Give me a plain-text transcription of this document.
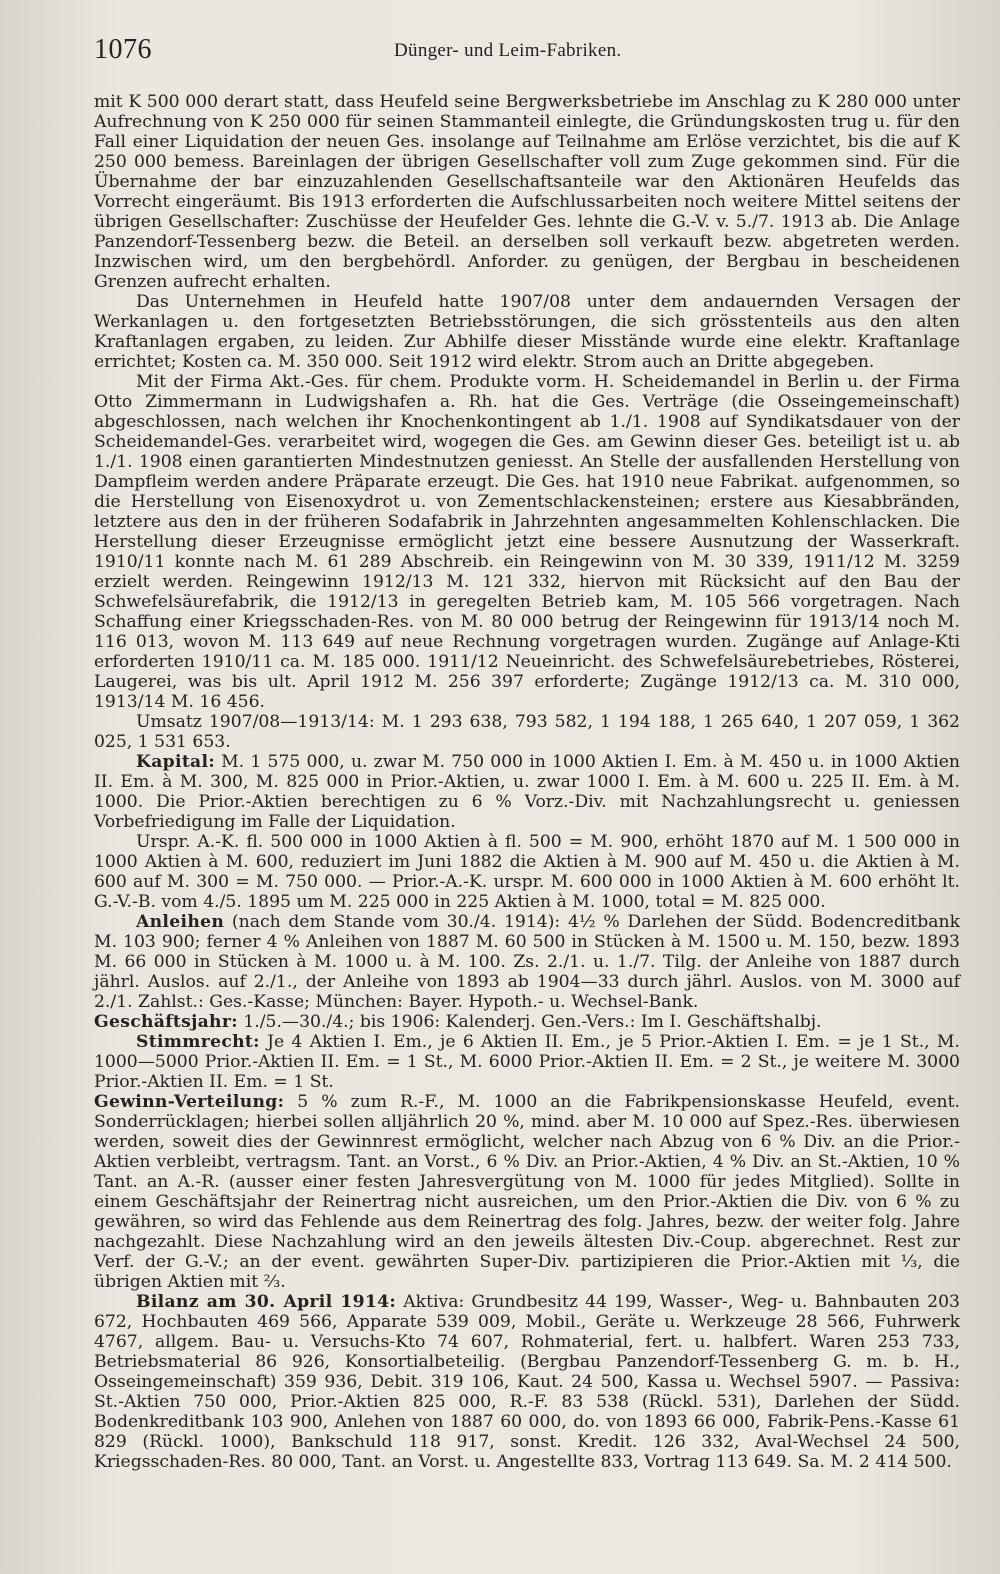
1076	Dünger- und Leim-Fabriken.

mit K 500 000 derart statt, dass Heufeld seine Bergwerksbetriebe im Anschlag zu K 280 000 unter Aufrechnung von K 250 000 für seinen Stammanteil einlegte, die Gründungskosten trug u. für den Fall einer Liquidation der neuen Ges. insolange auf Teilnahme am Erlöse verzichtet, bis die auf K 250 000 bemess. Bareinlagen der übrigen Gesellschafter voll zum Zuge gekommen sind. Für die Übernahme der bar einzuzahlenden Gesellschaftsanteile war den Aktionären Heufelds das Vorrecht eingeräumt. Bis 1913 erforderten die Aufschlussarbeiten noch weitere Mittel seitens der übrigen Gesellschafter: Zuschüsse der Heufelder Ges. lehnte die G.-V. v. 5./7. 1913 ab. Die Anlage Panzendorf-Tessenberg bezw. die Beteil. an derselben soll verkauft bezw. abgetreten werden. Inzwischen wird, um den bergbehördl. Anforder. zu genügen, der Bergbau in bescheidenen Grenzen aufrecht erhalten.

Das Unternehmen in Heufeld hatte 1907/08 unter dem andauernden Versagen der Werkanlagen u. den fortgesetzten Betriebsstörungen, die sich grösstenteils aus den alten Kraftanlagen ergaben, zu leiden. Zur Abhilfe dieser Misstände wurde eine elektr. Kraftanlage errichtet; Kosten ca. M. 350 000. Seit 1912 wird elektr. Strom auch an Dritte abgegeben.

Mit der Firma Akt.-Ges. für chem. Produkte vorm. H. Scheidemandel in Berlin u. der Firma Otto Zimmermann in Ludwigshafen a. Rh. hat die Ges. Verträge (die Osseingemeinschaft) abgeschlossen, nach welchen ihr Knochenkontingent ab 1./1. 1908 auf Syndikatsdauer von der Scheidemandel-Ges. verarbeitet wird, wogegen die Ges. am Gewinn dieser Ges. beteiligt ist u. ab 1./1. 1908 einen garantierten Mindestnutzen geniesst. An Stelle der ausfallenden Herstellung von Dampfleim werden andere Präparate erzeugt. Die Ges. hat 1910 neue Fabrikat. aufgenommen, so die Herstellung von Eisenoxydrot u. von Zementschlackensteinen; erstere aus Kiesabbränden, letztere aus den in der früheren Sodafabrik in Jahrzehnten angesammelten Kohlenschlacken. Die Herstellung dieser Erzeugnisse ermöglicht jetzt eine bessere Ausnutzung der Wasserkraft. 1910/11 konnte nach M. 61 289 Abschreib. ein Reingewinn von M. 30 339, 1911/12 M. 3259 erzielt werden. Reingewinn 1912/13 M. 121 332, hiervon mit Rücksicht auf den Bau der Schwefelsäurefabrik, die 1912/13 in geregelten Betrieb kam, M. 105 566 vorgetragen. Nach Schaffung einer Kriegsschaden-Res. von M. 80 000 betrug der Reingewinn für 1913/14 noch M. 116 013, wovon M. 113 649 auf neue Rechnung vorgetragen wurden. Zugänge auf Anlage-Kti erforderten 1910/11 ca. M. 185 000. 1911/12 Neueinricht. des Schwefelsäurebetriebes, Rösterei, Laugerei, was bis ult. April 1912 M. 256 397 erforderte; Zugänge 1912/13 ca. M. 310 000, 1913/14 M. 16 456.

Umsatz 1907/08—1913/14: M. 1 293 638, 793 582, 1 194 188, 1 265 640, 1 207 059, 1 362 025, 1 531 653.

Kapital: M. 1 575 000, u. zwar M. 750 000 in 1000 Aktien I. Em. à M. 450 u. in 1000 Aktien II. Em. à M. 300, M. 825 000 in Prior.-Aktien, u. zwar 1000 I. Em. à M. 600 u. 225 II. Em. à M. 1000. Die Prior.-Aktien berechtigen zu 6 % Vorz.-Div. mit Nachzahlungsrecht u. geniessen Vorbefriedigung im Falle der Liquidation.

Urspr. A.-K. fl. 500 000 in 1000 Aktien à fl. 500 = M. 900, erhöht 1870 auf M. 1 500 000 in 1000 Aktien à M. 600, reduziert im Juni 1882 die Aktien à M. 900 auf M. 450 u. die Aktien à M. 600 auf M. 300 = M. 750 000. — Prior.-A.-K. urspr. M. 600 000 in 1000 Aktien à M. 600 erhöht lt. G.-V.-B. vom 4./5. 1895 um M. 225 000 in 225 Aktien à M. 1000, total = M. 825 000.

Anleihen (nach dem Stande vom 30./4. 1914): 4½ % Darlehen der Südd. Bodencreditbank M. 103 900; ferner 4 % Anleihen von 1887 M. 60 500 in Stücken à M. 1500 u. M. 150, bezw. 1893 M. 66 000 in Stücken à M. 1000 u. à M. 100. Zs. 2./1. u. 1./7. Tilg. der Anleihe von 1887 durch jährl. Auslos. auf 2./1., der Anleihe von 1893 ab 1904—33 durch jährl. Auslos. von M. 3000 auf 2./1. Zahlst.: Ges.-Kasse; München: Bayer. Hypoth.- u. Wechsel-Bank.

Geschäftsjahr: 1./5.—30./4.; bis 1906: Kalenderj. Gen.-Vers.: Im I. Geschäftshalbj.

Stimmrecht: Je 4 Aktien I. Em., je 6 Aktien II. Em., je 5 Prior.-Aktien I. Em. = je 1 St., M. 1000—5000 Prior.-Aktien II. Em. = 1 St., M. 6000 Prior.-Aktien II. Em. = 2 St., je weitere M. 3000 Prior.-Aktien II. Em. = 1 St.

Gewinn-Verteilung: 5 % zum R.-F., M. 1000 an die Fabrikpensionskasse Heufeld, event. Sonderrücklagen; hierbei sollen alljährlich 20 %, mind. aber M. 10 000 auf Spez.-Res. überwiesen werden, soweit dies der Gewinnrest ermöglicht, welcher nach Abzug von 6 % Div. an die Prior.-Aktien verbleibt, vertragsm. Tant. an Vorst., 6 % Div. an Prior.-Aktien, 4 % Div. an St.-Aktien, 10 % Tant. an A.-R. (ausser einer festen Jahresvergütung von M. 1000 für jedes Mitglied). Sollte in einem Geschäftsjahr der Reinertrag nicht ausreichen, um den Prior.-Aktien die Div. von 6 % zu gewähren, so wird das Fehlende aus dem Reinertrag des folg. Jahres, bezw. der weiter folg. Jahre nachgezahlt. Diese Nachzahlung wird an den jeweils ältesten Div.-Coup. abgerechnet. Rest zur Verf. der G.-V.; an der event. gewährten Super-Div. partizipieren die Prior.-Aktien mit ⅓, die übrigen Aktien mit ⅔.

Bilanz am 30. April 1914: Aktiva: Grundbesitz 44 199, Wasser-, Weg- u. Bahnbauten 203 672, Hochbauten 469 566, Apparate 539 009, Mobil., Geräte u. Werkzeuge 28 566, Fuhrwerk 4767, allgem. Bau- u. Versuchs-Kto 74 607, Rohmaterial, fert. u. halbfert. Waren 253 733, Betriebsmaterial 86 926, Konsortialbeteilig. (Bergbau Panzendorf-Tessenberg G. m. b. H., Osseingemeinschaft) 359 936, Debit. 319 106, Kaut. 24 500, Kassa u. Wechsel 5907. — Passiva: St.-Aktien 750 000, Prior.-Aktien 825 000, R.-F. 83 538 (Rückl. 531), Darlehen der Südd. Bodenkreditbank 103 900, Anlehen von 1887 60 000, do. von 1893 66 000, Fabrik-Pens.-Kasse 61 829 (Rückl. 1000), Bankschuld 118 917, sonst. Kredit. 126 332, Aval-Wechsel 24 500, Kriegsschaden-Res. 80 000, Tant. an Vorst. u. Angestellte 833, Vortrag 113 649. Sa. M. 2 414 500.
